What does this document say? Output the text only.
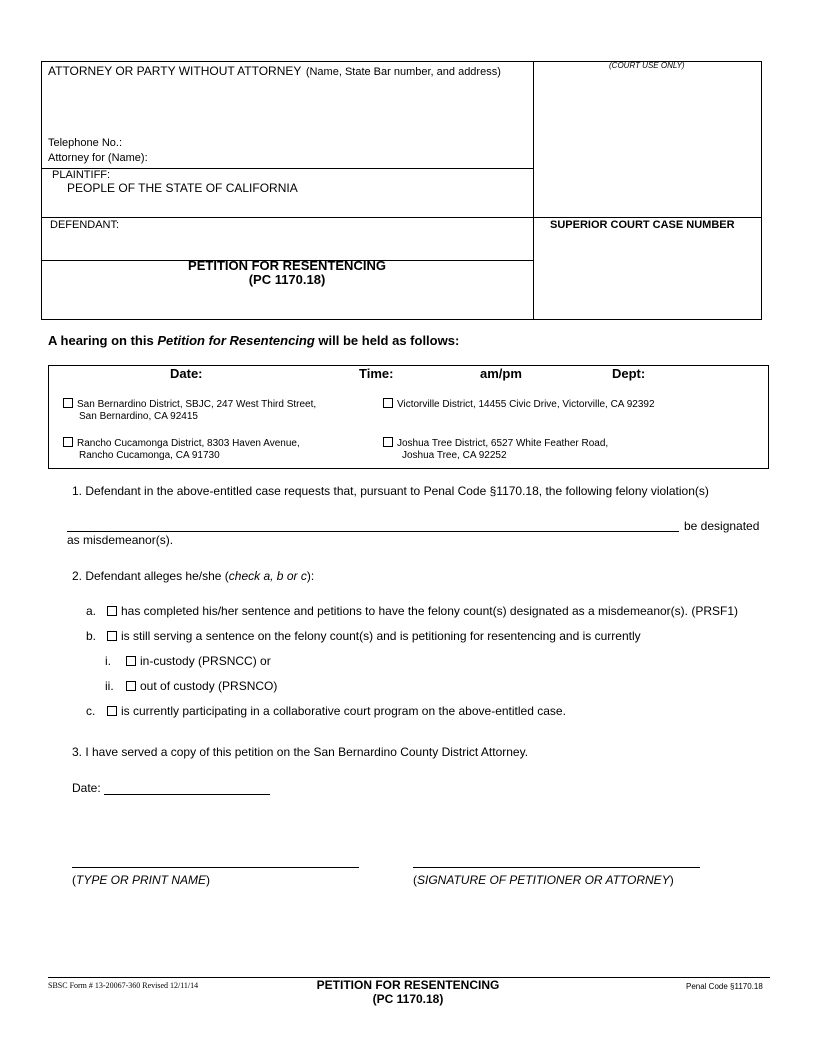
ATTORNEY OR PARTY WITHOUT ATTORNEY (Name, State Bar number, and address)
(COURT USE ONLY)
Telephone No.:
Attorney for (Name):
PLAINTIFF:
PEOPLE OF THE STATE OF CALIFORNIA
DEFENDANT:	SUPERIOR COURT CASE NUMBER
PETITION FOR RESENTENCING
(PC 1170.18)
A hearing on this Petition for Resentencing will be held as follows:
Date:	Time:	am/pm	Dept:
San Bernardino District, SBJC, 247 West Third Street,
San Bernardino, CA 92415
Victorville District, 14455 Civic Drive, Victorville, CA 92392
Rancho Cucamonga District, 8303 Haven Avenue,
Rancho Cucamonga, CA 91730
Joshua Tree District, 6527 White Feather Road,
Joshua Tree, CA 92252
1. Defendant in the above-entitled case requests that, pursuant to Penal Code §1170.18, the following felony violation(s)
be designated
as misdemeanor(s).
2. Defendant alleges he/she (check a, b or c):
a. has completed his/her sentence and petitions to have the felony count(s) designated as a misdemeanor(s). (PRSF1)
b. is still serving a sentence on the felony count(s) and is petitioning for resentencing and is currently
i. in-custody (PRSNCC) or
ii. out of custody (PRSNCO)
c. is currently participating in a collaborative court program on the above-entitled case.
3. I have served a copy of this petition on the San Bernardino County District Attorney.
Date:
(TYPE OR PRINT NAME)	(SIGNATURE OF PETITIONER OR ATTORNEY)
SBSC Form # 13-20067-360 Revised 12/11/14	PETITION FOR RESENTENCING
(PC 1170.18)
Penal Code §1170.18
